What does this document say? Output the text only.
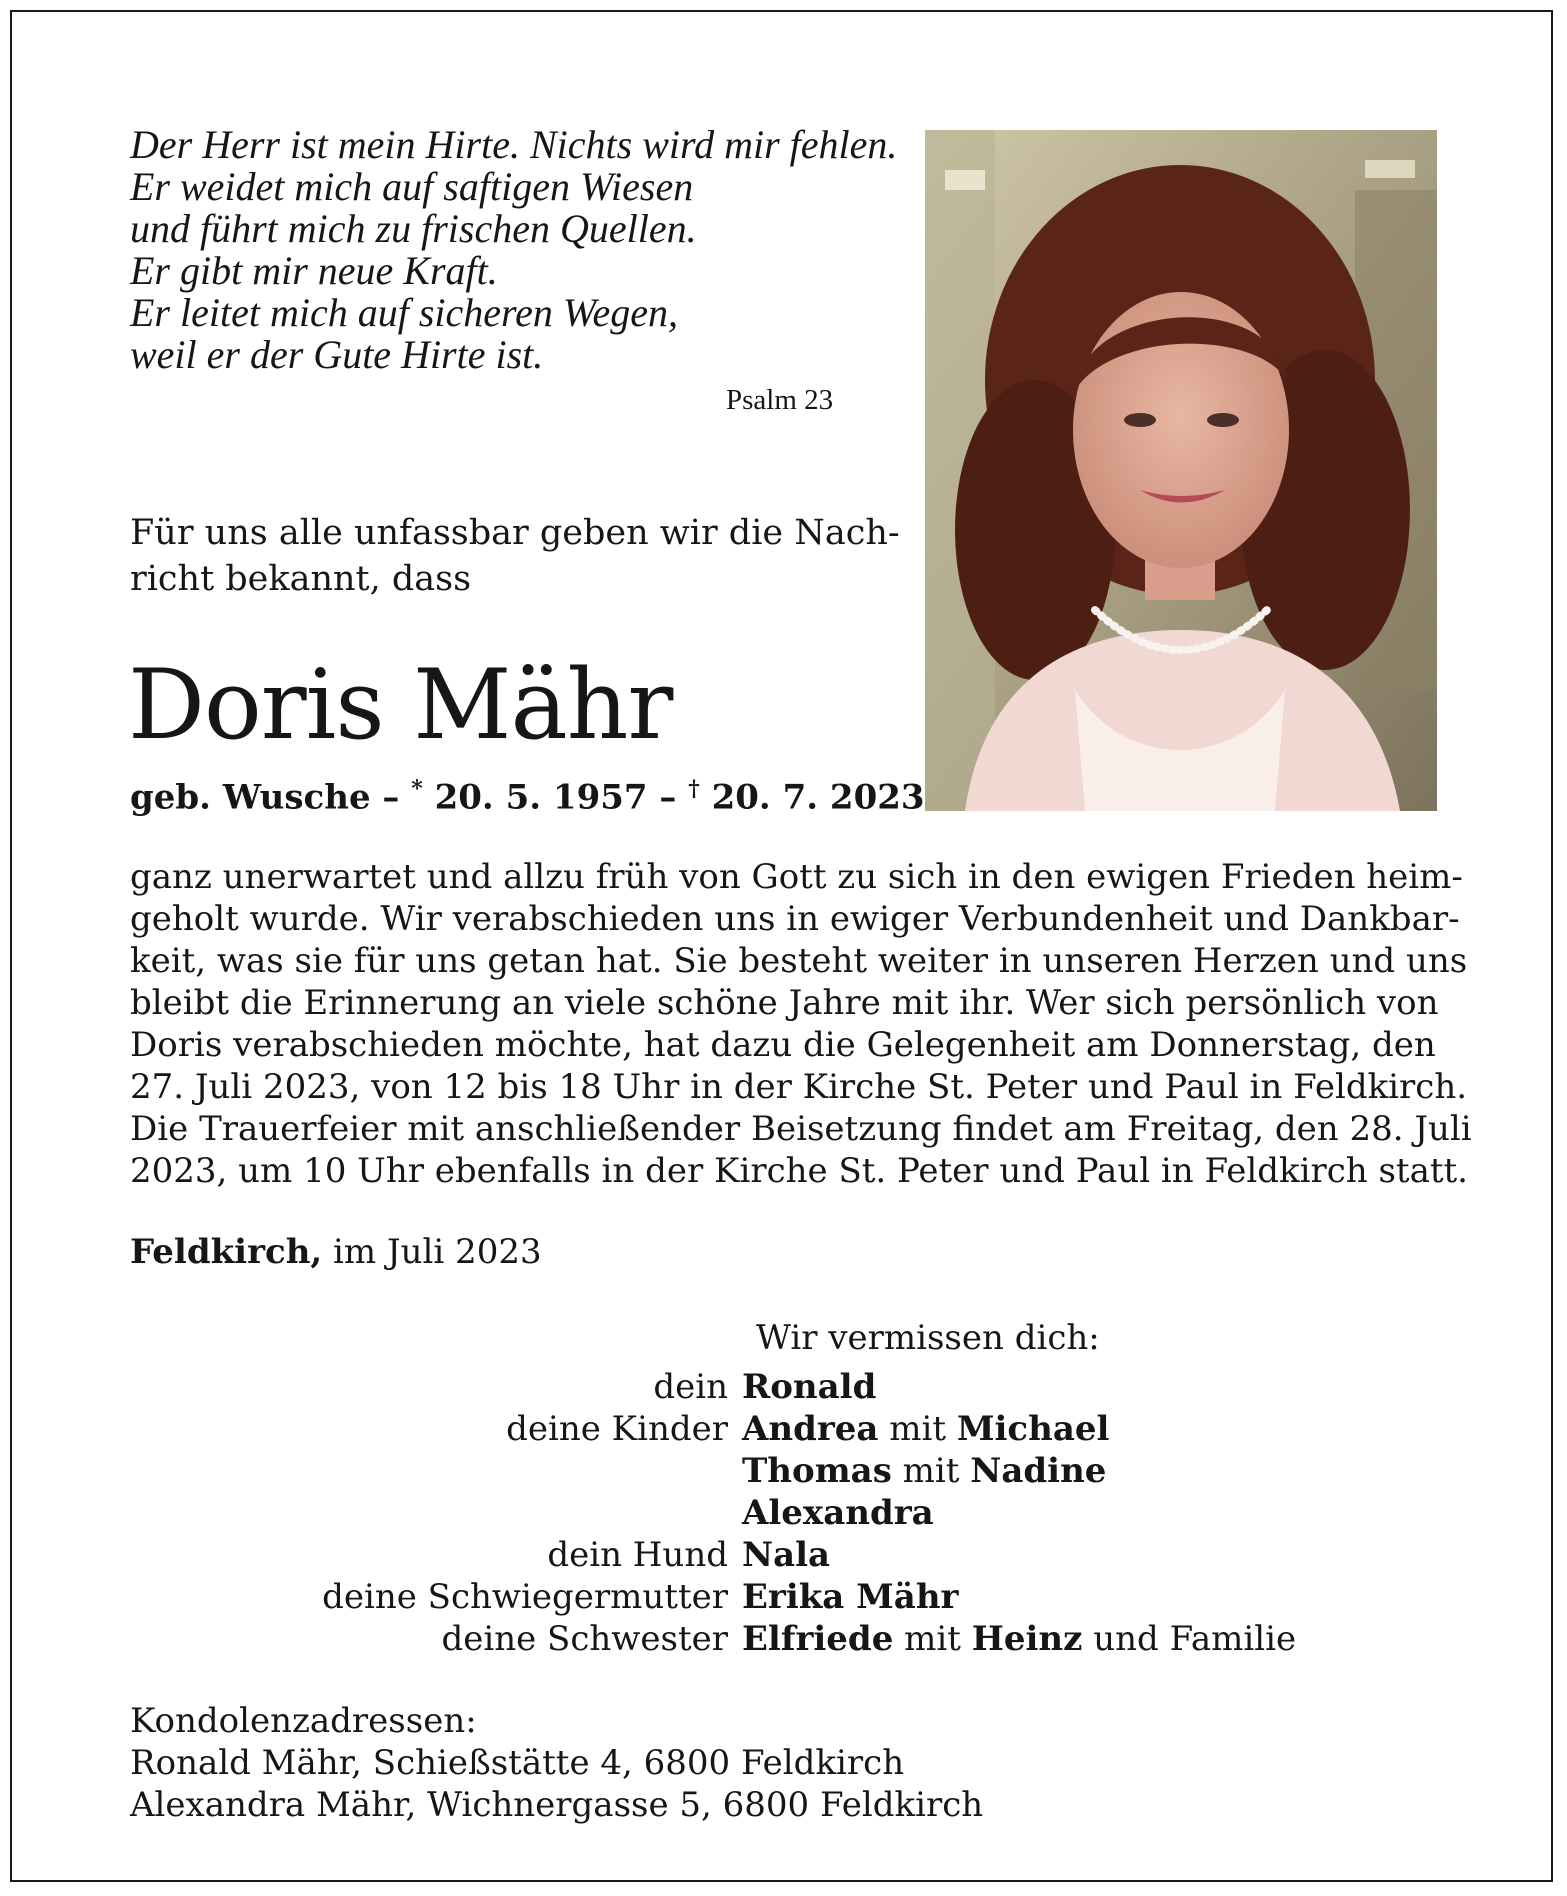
Der Herr ist mein Hirte. Nichts wird mir fehlen.
Er weidet mich auf saftigen Wiesen
und führt mich zu frischen Quellen.
Er gibt mir neue Kraft.
Er leitet mich auf sicheren Wegen,
weil er der Gute Hirte ist.
Psalm 23
Für uns alle unfassbar geben wir die Nach-
richt bekannt, dass
Doris Mähr
geb. Wusche – * 20. 5. 1957 – † 20. 7. 2023
ganz unerwartet und allzu früh von Gott zu sich in den ewigen Frieden heim-
geholt wurde. Wir verabschieden uns in ewiger Verbundenheit und Dankbar-
keit, was sie für uns getan hat. Sie besteht weiter in unseren Herzen und uns
bleibt die Erinnerung an viele schöne Jahre mit ihr. Wer sich persönlich von
Doris verabschieden möchte, hat dazu die Gelegenheit am Donnerstag, den
27. Juli 2023, von 12 bis 18 Uhr in der Kirche St. Peter und Paul in Feldkirch.
Die Trauerfeier mit anschließender Beisetzung findet am Freitag, den 28. Juli
2023, um 10 Uhr ebenfalls in der Kirche St. Peter und Paul in Feldkirch statt.
Feldkirch, im Juli 2023
Wir vermissen dich:
dein Ronald
deine Kinder Andrea mit Michael
Thomas mit Nadine
Alexandra
dein Hund Nala
deine Schwiegermutter Erika Mähr
deine Schwester Elfriede mit Heinz und Familie
Kondolenzadressen:
Ronald Mähr, Schießstätte 4, 6800 Feldkirch
Alexandra Mähr, Wichnergasse 5, 6800 Feldkirch
